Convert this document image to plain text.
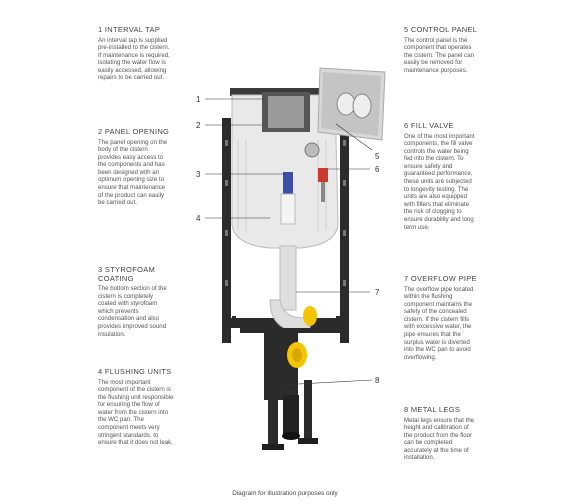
1 INTERVAL TAP

An interval tap is supplied
pre-installed to the cistern.
If maintenance is required,
isolating the water flow is
easily accessed, allowing
repairs to be carried out.

2 PANEL OPENING

The panel opening on the
body of the cistern
provides easy access to
the components and has
been designed with an
optimum opening size to
ensure that maintenance
of the product can easily
be carried out.

3 STYROFOAM
COATING

The bottom section of the
cistern is completely
coated with styrofoam
which prevents
condensation and also
provides improved sound
insulation.

4 FLUSHING UNITS

The most important
component of the cistern is
the flushing unit responsible
for ensuring the flow of
water from the cistern into
the WC pan. The
component meets very
stringent standards, to
ensure that it does not leak.

5 CONTROL PANEL

The control panel is the
component that operates
the cistern. The panel can
easily be removed for
maintenance purposes.

6 FILL VALVE

One of the most important
components, the fill valve
controls the water being
fed into the cistern. To
ensure safety and
guaranteed performance,
these units are subjected
to longevity testing. The
units are also equipped
with filters that eliminate
the risk of clogging to
ensure durability and long
term use.

7 OVERFLOW PIPE

The overflow pipe located
within the flushing
component maintains the
safety of the concealed
cistern. If the cistern fills
with excessive water, the
pipe ensures that the
surplus water is diverted
into the WC pan to avoid
overflowing.

8 METAL LEGS

Metal legs ensure that the
height and calibration of
the product from the floor
can be completed
accurately at the time of
installation.

1
2
3
4
5
6
7
8
Diagram for illustration purposes only
